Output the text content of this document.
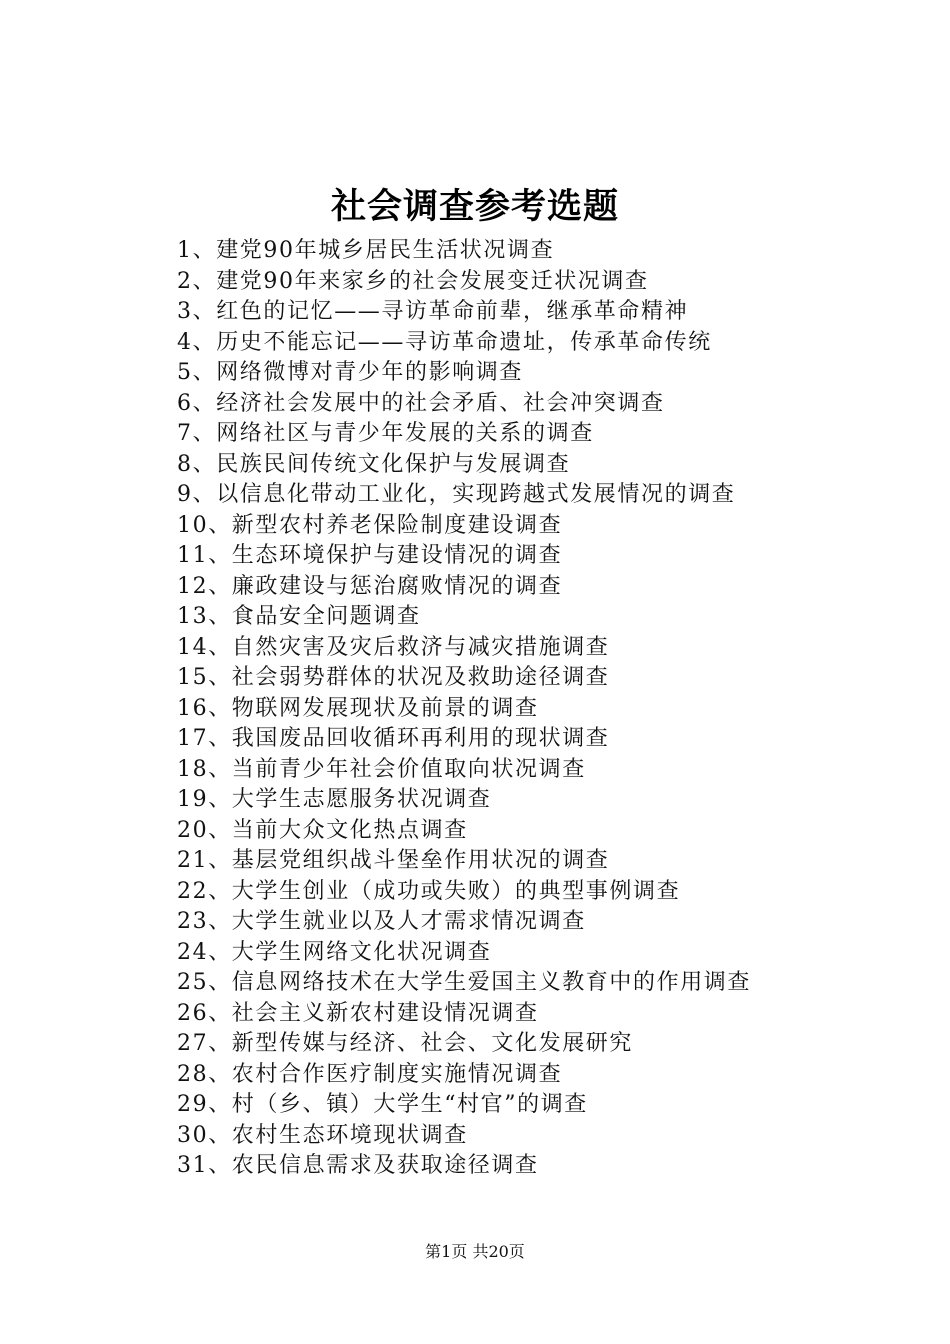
社会调查参考选题
1、建党90年城乡居民生活状况调查
2、建党90年来家乡的社会发展变迁状况调查
3、红色的记忆——寻访革命前辈，继承革命精神
4、历史不能忘记——寻访革命遗址，传承革命传统
5、网络微博对青少年的影响调查
6、经济社会发展中的社会矛盾、社会冲突调查
7、网络社区与青少年发展的关系的调查
8、民族民间传统文化保护与发展调查
9、以信息化带动工业化，实现跨越式发展情况的调查
10、新型农村养老保险制度建设调查
11、生态环境保护与建设情况的调查
12、廉政建设与惩治腐败情况的调查
13、食品安全问题调查
14、自然灾害及灾后救济与减灾措施调查
15、社会弱势群体的状况及救助途径调查
16、物联网发展现状及前景的调查
17、我国废品回收循环再利用的现状调查
18、当前青少年社会价值取向状况调查
19、大学生志愿服务状况调查
20、当前大众文化热点调查
21、基层党组织战斗堡垒作用状况的调查
22、大学生创业（成功或失败）的典型事例调查
23、大学生就业以及人才需求情况调查
24、大学生网络文化状况调查
25、信息网络技术在大学生爱国主义教育中的作用调查
26、社会主义新农村建设情况调查
27、新型传媒与经济、社会、文化发展研究
28、农村合作医疗制度实施情况调查
29、村（乡、镇）大学生“村官”的调查
30、农村生态环境现状调查
31、农民信息需求及获取途径调查
第1页 共20页
